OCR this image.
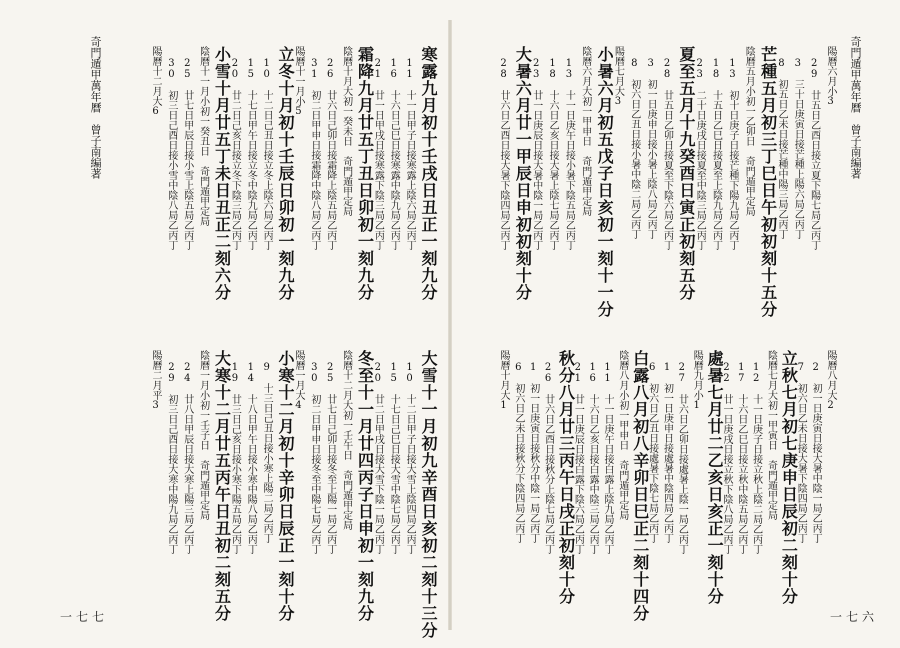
奇門遁甲萬年曆　曾子南編著
一七七
寒露九月初十壬戌日丑正一刻九分
11　十一日甲子日接寒露上陰六局乙丙丁
16　十六日己巳日接寒露中陰九局乙丙丁
21　廿一日甲戌日接寒露下陰三局乙丙丁
霜降九月廿五丁丑日卯初一刻九分
陰曆十月大初一癸未日　奇門遁甲定局
26　廿六日己卯日接霜降上陰五局乙丙丁
31　初二日甲申日接霜降中陰八局乙丙丁
陽曆十一月小5
立冬十月初十壬辰日卯初一刻九分
10　十二日己丑日接立冬上陰六局乙丙丁
15　十七日甲午日接立冬中陰九局乙丙丁
20　廿二日己亥日接立冬下陰三局乙丙丁
小雪十月廿五丁未日丑正二刻六分
陰曆十一月小初一癸丑日　奇門遁甲定局
25　廿七日甲辰日接小雪上陰五局乙丙丁
30　初三日己酉日接小雪中陰八局乙丙丁
陽曆十二月大6
大雪十一月初九辛酉日亥初二刻十三分
10　十二日甲子日接大雪上陰四局乙丙丁
15　十七日己巳日接大雪中陰七局乙丙丁
20　廿二日甲戌日接大雪下陰一局乙丙丁
冬至十一月廿四丙子日申初一刻九分
陰曆十二月大初一壬午日　奇門遁甲定局
25　廿七日己卯日接冬至上陽一局乙丙丁
30　初二日甲申日接冬至中陽七局乙丙丁
陽曆一月大4
小寒十二月初十辛卯日辰正一刻十分
9　十三日己丑日接小寒上陽二局乙丙丁
14　十八日甲午日接小寒中陽八局乙丙丁
19　廿三日己亥日接小寒下陽五局乙丙丁
大寒十二月廿五丙午日丑初二刻五分
陰曆一月小初一壬子日　奇門遁甲定局
24　廿八日甲辰日接大寒上陽三局乙丙丁
29　初三日己酉日接大寒中陽九局乙丙丁
陽曆二月平3
奇門遁甲萬年曆　曾子南編著
一七六
陽曆六月小3
29　廿五日乙酉日接立夏下陽七局乙丙丁
3　三十日庚寅日接芒種上陽六局乙丙丁
8　初五日乙未日接芒種中陽三局乙丙丁
芒種五月初三丁巳日午初初刻十五分
陰曆五月小初一乙卯日　奇門遁甲定局
13　初十日庚子日接芒種下陽九局乙丙丁
18　十五日乙巳日接夏至上陰九局乙丙丁
23　二十日庚戌日接夏至中陰三局乙丙丁
夏至五月十九癸酉日寅正初刻五分
28　廿五日乙卯日接夏至下陰六局乙丙丁
3　初一日庚申日接小暑上陰八局乙丙丁
8　初六日乙丑日接小暑中陰二局乙丙丁
陽曆七月大3
小暑六月初五戊子日亥初一刻十一分
陰曆六月大初一甲申日　奇門遁甲定局
13　十一日庚午日接小暑下陰五局乙丙丁
18　十六日乙亥日接大暑上陰七局乙丙丁
23　廿一日庚辰日接大暑中陰一局乙丙丁
大暑六月廿一甲辰日申初初刻十分
28　廿六日乙酉日接大暑下陰四局乙丙丁
陽曆八月大2
2　初一日庚寅日接大暑中陰一局乙丙丁
7　初六日乙未日接大暑下陰四局乙丙丁
立秋七月初七庚申日辰初二刻十分
陰曆七月大初一甲寅日　奇門遁甲定局
12　十一日庚子日接立秋上陰二局乙丙丁
17　十六日乙巳日接立秋中陰五局乙丙丁
22　廿一日庚戌日接立秋下陰八局乙丙丁
處暑七月廿二乙亥日亥正一刻十分
陽曆九月小1
27　廿六日乙卯日接處暑上陰一局乙丙丁
1　初一日庚申日接處暑中陰四局乙丙丁
6　初六日乙丑日接處暑下陰七局乙丙丁
白露八月初八辛卯日巳正二刻十四分
陰曆八月小初一甲申日　奇門遁甲定局
11　十一日庚午日接白露上陰九局乙丙丁
16　十六日乙亥日接白露中陰三局乙丙丁
21　廿一日庚辰日接白露下陰六局乙丙丁
秋分八月廿三丙午日戌正初刻十分
26　廿六日乙酉日接秋分上陰七局乙丙丁
1　初一日庚寅日接秋分中陰一局乙丙丁
6　初六日乙未日接秋分下陰四局乙丙丁
陽曆十月大1
